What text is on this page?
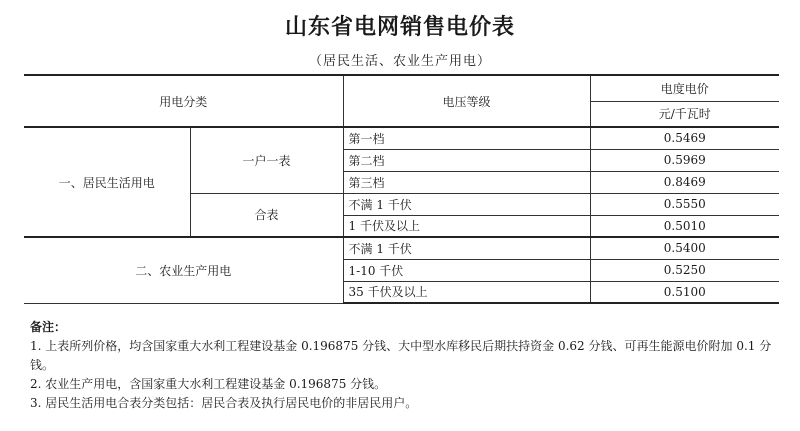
山东省电网销售电价表
（居民生活、农业生产用电）
用电分类		电压等级	电度电价
			元/千瓦时
一、居民生活用电	一户一表	第一档	0.5469
		第二档	0.5969
		第三档	0.8469
	合表	不满 1 千伏	0.5550
		1 千伏及以上	0.5010
二、农业生产用电		不满 1 千伏	0.5400
		1-10 千伏	0.5250
		35 千伏及以上	0.5100
备注：

1. 上表所列价格，均含国家重大水利工程建设基金 0.196875 分钱、大中型水库移民后期扶持资金 0.62 分钱、可再生能源电价附加 0.1 分钱。

2. 农业生产用电，含国家重大水利工程建设基金 0.196875 分钱。

3. 居民生活用电合表分类包括：居民合表及执行居民电价的非居民用户。
